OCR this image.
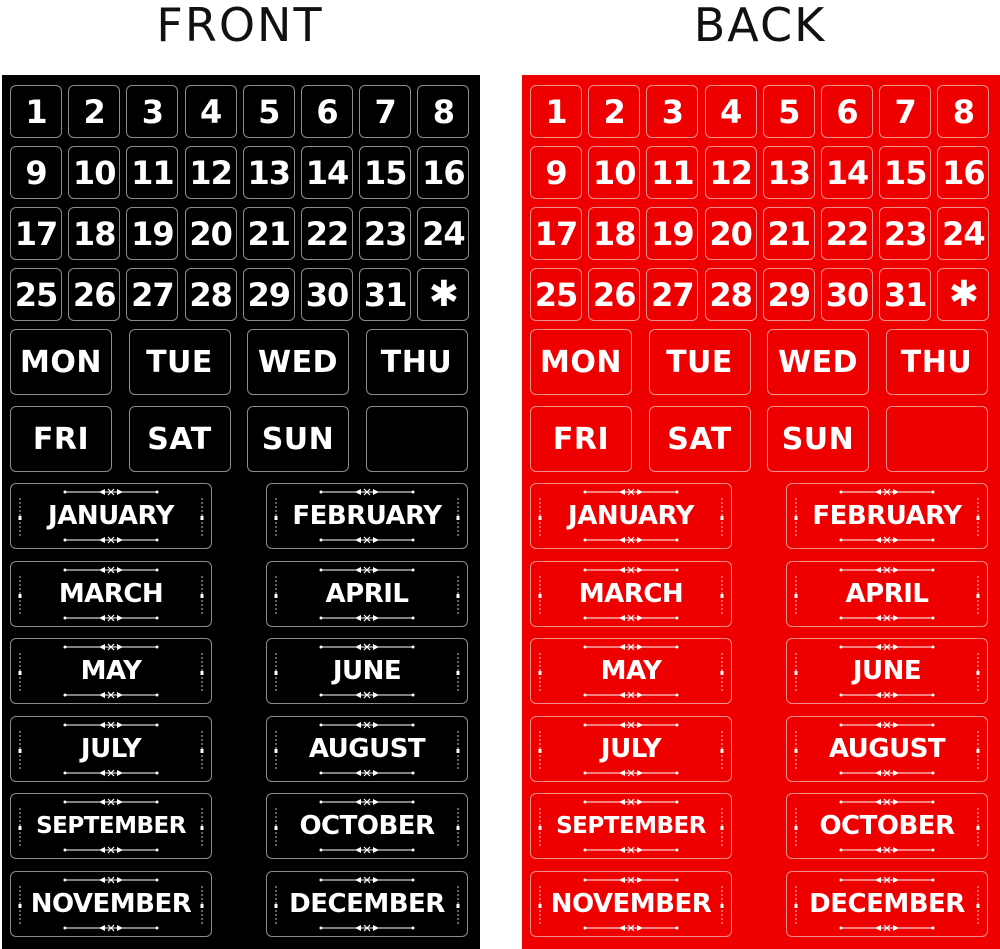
FRONT	BACK
1 2 3 4 5 6 7 8
9 10 11 12 13 14 15 16
17 18 19 20 21 22 23 24
25 26 27 28 29 30 31 ✱
MON TUE WED THU
FRI SAT SUN
JANUARY	FEBRUARY
MARCH	APRIL
MAY	JUNE
JULY	AUGUST
SEPTEMBER	OCTOBER
NOVEMBER	DECEMBER
1 2 3 4 5 6 7 8
9 10 11 12 13 14 15 16
17 18 19 20 21 22 23 24
25 26 27 28 29 30 31 ✱
MON TUE WED THU
FRI SAT SUN
JANUARY	FEBRUARY
MARCH	APRIL
MAY	JUNE
JULY	AUGUST
SEPTEMBER	OCTOBER
NOVEMBER	DECEMBER
